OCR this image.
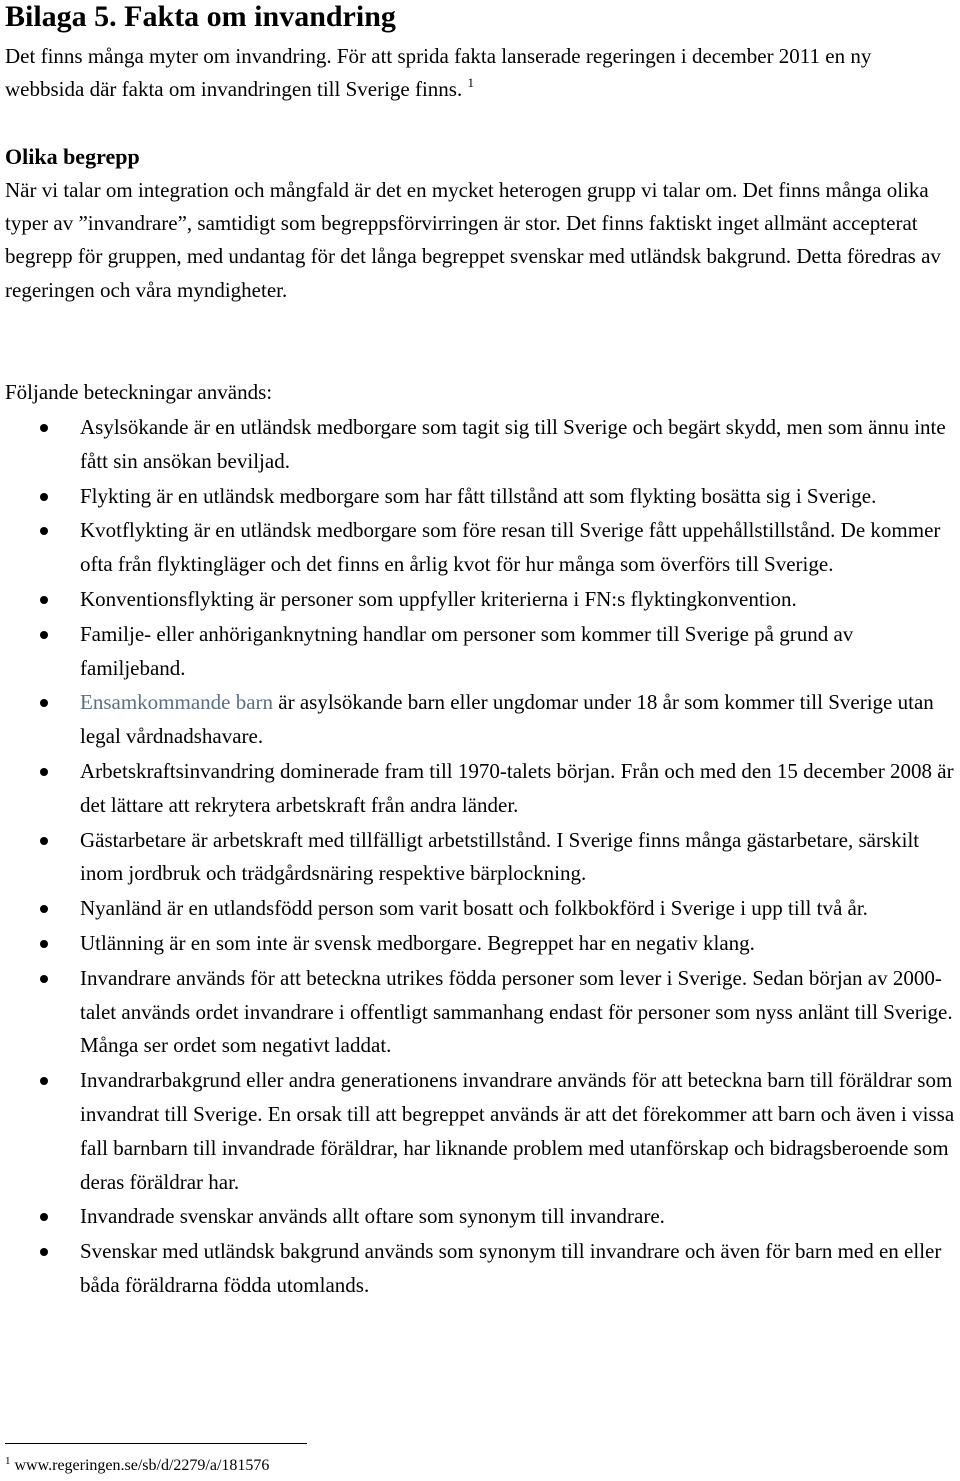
Bilaga 5. Fakta om invandring

Det finns många myter om invandring. För att sprida fakta lanserade regeringen i december 2011 en ny webbsida där fakta om invandringen till Sverige finns. $^1$

Olika begrepp

När vi talar om integration och mångfald är det en mycket heterogen grupp vi talar om. Det finns många olika typer av ”invandrare”, samtidigt som begreppsförvirringen är stor. Det finns faktiskt inget allmänt accepterat begrepp för gruppen, med undantag för det långa begreppet svenskar med utländsk bakgrund. Detta föredras av regeringen och våra myndigheter.

Följande beteckningar används:

Asylsökande är en utländsk medborgare som tagit sig till Sverige och begärt skydd, men som ännu inte fått sin ansökan beviljad.
Flykting är en utländsk medborgare som har fått tillstånd att som flykting bosätta sig i Sverige.
Kvotflykting är en utländsk medborgare som före resan till Sverige fått uppehållstillstånd. De kommer ofta från flyktingläger och det finns en årlig kvot för hur många som överförs till Sverige.
Konventionsflykting är personer som uppfyller kriterierna i FN:s flyktingkonvention.
Familje- eller anhöriganknytning handlar om personer som kommer till Sverige på grund av familjeband.
Ensamkommande barn är asylsökande barn eller ungdomar under 18 år som kommer till Sverige utan legal vårdnadshavare.
Arbetskraftsinvandring dominerade fram till 1970-talets början. Från och med den 15 december 2008 är det lättare att rekrytera arbetskraft från andra länder.
Gästarbetare är arbetskraft med tillfälligt arbetstillstånd. I Sverige finns många gästarbetare, särskilt inom jordbruk och trädgårdsnäring respektive bärplockning.
Nyanländ är en utlandsfödd person som varit bosatt och folkbokförd i Sverige i upp till två år.
Utlänning är en som inte är svensk medborgare. Begreppet har en negativ klang.
Invandrare används för att beteckna utrikes födda personer som lever i Sverige. Sedan början av 2000-talet används ordet invandrare i offentligt sammanhang endast för personer som nyss anlänt till Sverige. Många ser ordet som negativt laddat.
Invandrarbakgrund eller andra generationens invandrare används för att beteckna barn till föräldrar som invandrat till Sverige. En orsak till att begreppet används är att det förekommer att barn och även i vissa fall barnbarn till invandrade föräldrar, har liknande problem med utanförskap och bidragsberoende som deras föräldrar har.
Invandrade svenskar används allt oftare som synonym till invandrare.
Svenskar med utländsk bakgrund används som synonym till invandrare och även för barn med en eller båda föräldrarna födda utomlands.

$^1$ www.regeringen.se/sb/d/2279/a/181576
